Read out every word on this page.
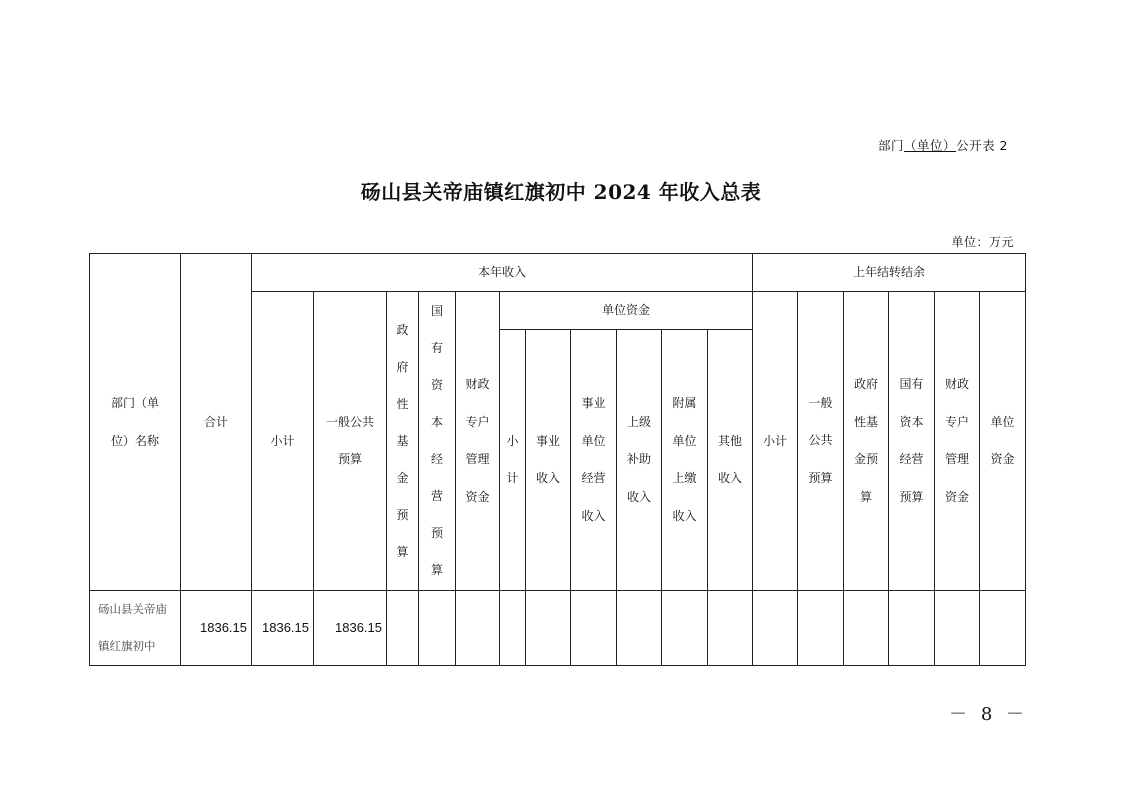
部门（单位）公开表 2
砀山县关帝庙镇红旗初中 2024 年收入总表
单位：万元
部门（单位）名称	合计	本年收入											上年结转结余					
		小计	一般公共预算	政府性基金预算	国有资本经营预算	财政专户管理资金	单位资金						小计	一般公共预算	政府性基金预算	国有资本经营预算	财政专户管理资金	单位资金
							小计	事业收入	事业单位经营收入	上级补助收入	附属单位上缴收入	其他收入						

砀山县关帝庙镇红旗初中	1836.15	1836.15	1836.15															
－ 8 －
